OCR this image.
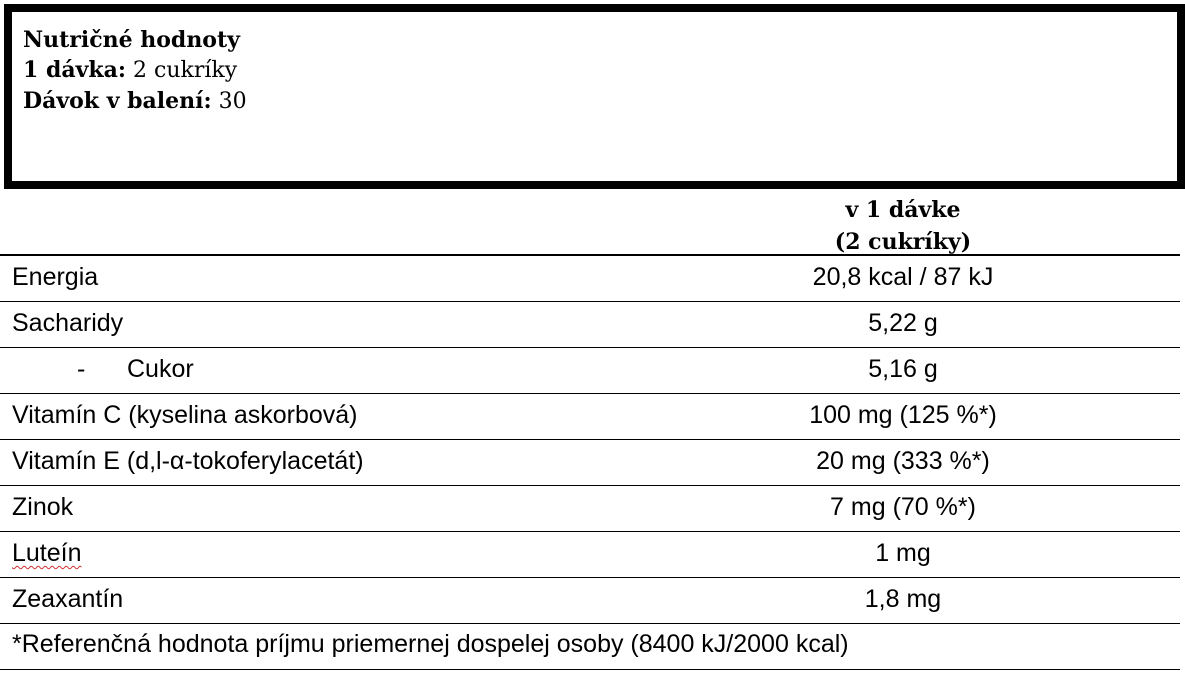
Nutričné hodnoty
1 dávka: 2 cukríky
Dávok v balení: 30
v 1 dávke
(2 cukríky)
Energia	20,8 kcal / 87 kJ
Sacharidy	5,22 g
- Cukor	5,16 g
Vitamín C (kyselina askorbová)	100 mg (125 %*)
Vitamín E (d,l-α-tokoferylacetát)	20 mg (333 %*)
Zinok	7 mg (70 %*)
Luteín	1 mg
Zeaxantín	1,8 mg
*Referenčná hodnota príjmu priemernej dospelej osoby (8400 kJ/2000 kcal)
